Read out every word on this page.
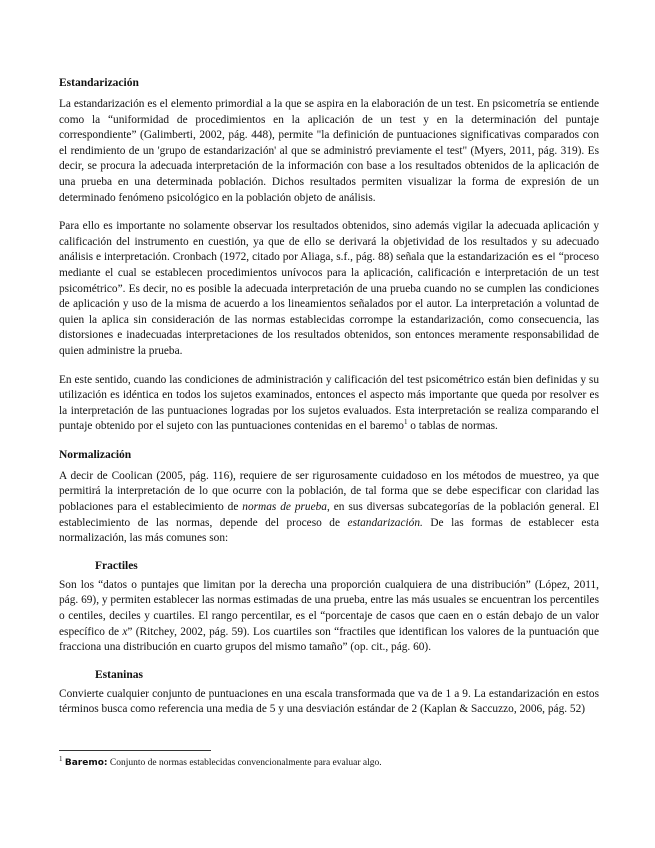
Estandarización

La estandarización es el elemento primordial a la que se aspira en la elaboración de un test. En psicometría se entiende como la “uniformidad de procedimientos en la aplicación de un test y en la determinación del puntaje correspondiente” (Galimberti, 2002, pág. 448), permite "la definición de puntuaciones significativas comparados con el rendimiento de un 'grupo de estandarización' al que se administró previamente el test" (Myers, 2011, pág. 319). Es decir, se procura la adecuada interpretación de la información con base a los resultados obtenidos de la aplicación de una prueba en una determinada población. Dichos resultados permiten visualizar la forma de expresión de un determinado fenómeno psicológico en la población objeto de análisis.

Para ello es importante no solamente observar los resultados obtenidos, sino además vigilar la adecuada aplicación y calificación del instrumento en cuestión, ya que de ello se derivará la objetividad de los resultados y su adecuado análisis e interpretación. Cronbach (1972, citado por Aliaga, s.f., pág. 88) señala que la estandarización es el “proceso mediante el cual se establecen procedimientos unívocos para la aplicación, calificación e interpretación de un test psicométrico”. Es decir, no es posible la adecuada interpretación de una prueba cuando no se cumplen las condiciones de aplicación y uso de la misma de acuerdo a los lineamientos señalados por el autor. La interpretación a voluntad de quien la aplica sin consideración de las normas establecidas corrompe la estandarización, como consecuencia, las distorsiones e inadecuadas interpretaciones de los resultados obtenidos, son entonces meramente responsabilidad de quien administre la prueba.

En este sentido, cuando las condiciones de administración y calificación del test psicométrico están bien definidas y su utilización es idéntica en todos los sujetos examinados, entonces el aspecto más importante que queda por resolver es la interpretación de las puntuaciones logradas por los sujetos evaluados. Esta interpretación se realiza comparando el puntaje obtenido por el sujeto con las puntuaciones contenidas en el baremo$^1$ o tablas de normas.

Normalización

A decir de Coolican (2005, pág. 116), requiere de ser rigurosamente cuidadoso en los métodos de muestreo, ya que permitirá la interpretación de lo que ocurre con la población, de tal forma que se debe especificar con claridad las poblaciones para el establecimiento de normas de prueba, en sus diversas subcategorías de la población general. El establecimiento de las normas, depende del proceso de estandarización. De las formas de establecer esta normalización, las más comunes son:

Fractiles

Son los “datos o puntajes que limitan por la derecha una proporción cualquiera de una distribución” (López, 2011, pág. 69), y permiten establecer las normas estimadas de una prueba, entre las más usuales se encuentran los percentiles o centiles, deciles y cuartiles. El rango percentilar, es el “porcentaje de casos que caen en o están debajo de un valor específico de x” (Ritchey, 2002, pág. 59). Los cuartiles son “fractiles que identifican los valores de la puntuación que fracciona una distribución en cuarto grupos del mismo tamaño” (op. cit., pág. 60).

Estaninas

Convierte cualquier conjunto de puntuaciones en una escala transformada que va de 1 a 9. La estandarización en estos términos busca como referencia una media de 5 y una desviación estándar de 2 (Kaplan & Saccuzzo, 2006, pág. 52)

$^1$ Baremo: Conjunto de normas establecidas convencionalmente para evaluar algo.
